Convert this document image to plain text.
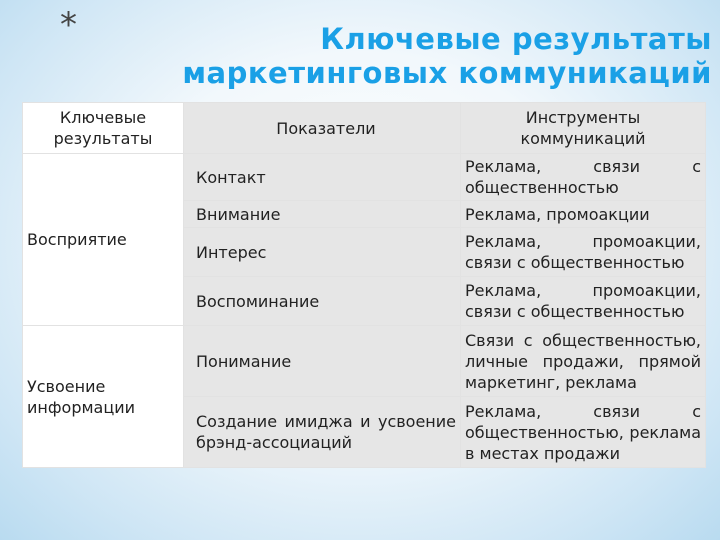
*	Ключевые результаты маркетинговых коммуникаций
Ключевые результаты	Показатели	Инструменты коммуникаций
Восприятие	Контакт	Реклама, связи с общественностью
	Внимание	Реклама, промоакции
	Интерес	Реклама, промоакции, связи с общественностью
	Воспоминание	Реклама, промоакции, связи с общественностью
Усвоение информации	Понимание	Связи с общественностью, личные продажи, прямой маркетинг, реклама
	Создание имиджа и усвоение брэнд-ассоциаций	Реклама, связи с общественностью, реклама в местах продажи
